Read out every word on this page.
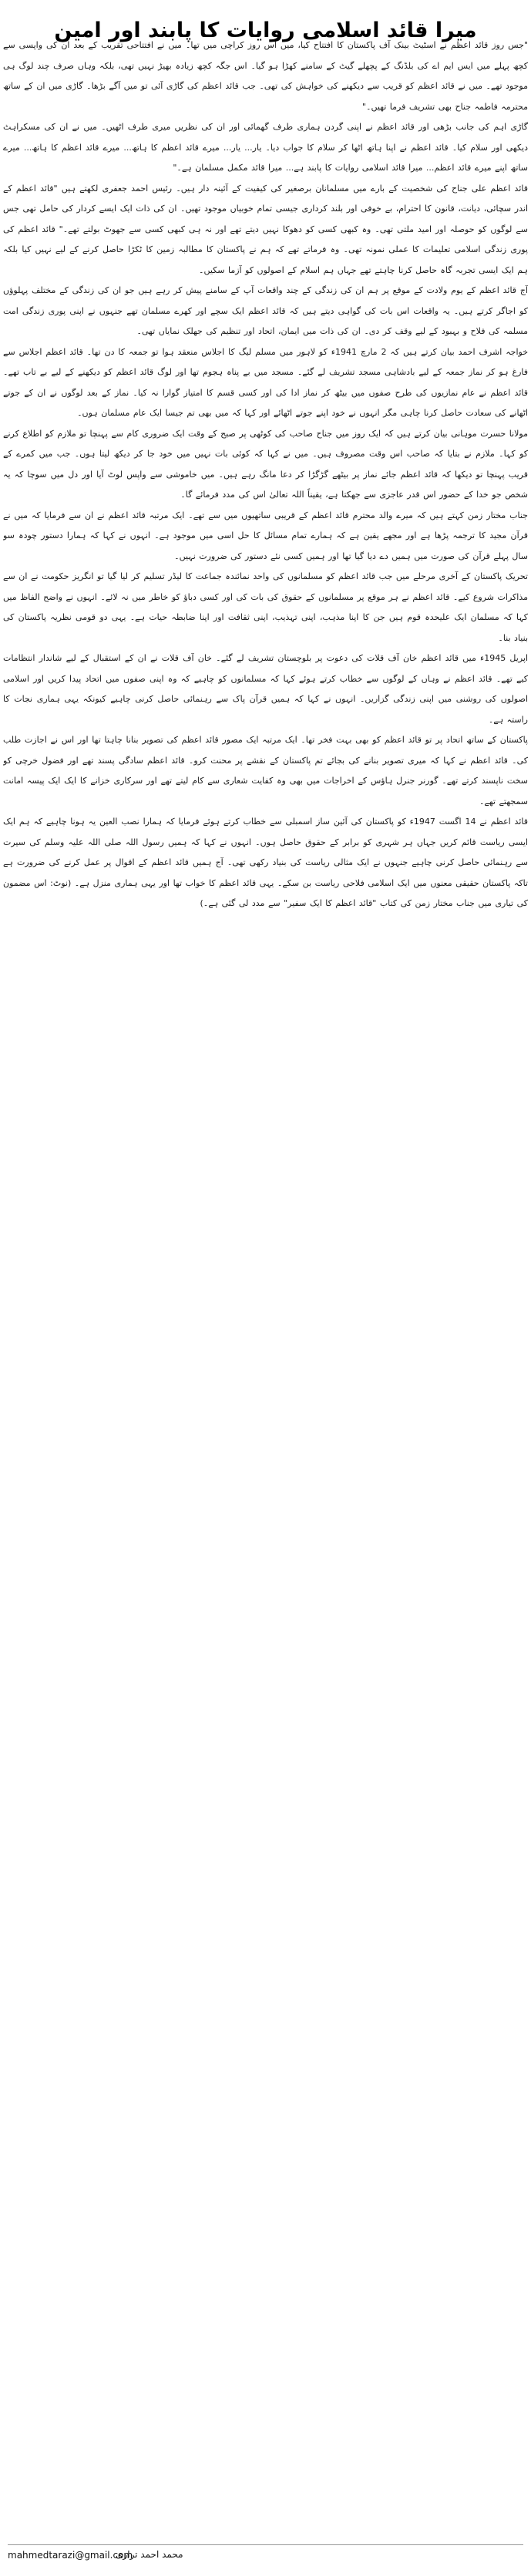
میرا قائد اسلامی روایات کا پابند اور امین

"جس روز قائد اعظم نے اسٹیٹ بینک آف پاکستان کا افتتاح کیا، میں اس روز کراچی میں تھا۔ میں نے افتتاحی تقریب کے بعد ان کی واپسی سے کچھ پہلے میں ایس ایم اے کی بلڈنگ کے پچھلے گیٹ کے سامنے کھڑا ہو گیا۔ اس جگہ کچھ زیادہ بھیڑ نہیں تھی، بلکہ وہاں صرف چند لوگ ہی موجود تھے۔ میں نے قائد اعظم کو قریب سے دیکھنے کی خواہش کی تھی۔ جب قائد اعظم کی گاڑی آئی تو میں آگے بڑھا۔ گاڑی میں ان کے ساتھ محترمہ فاطمہ جناح بھی تشریف فرما تھیں۔"

گاڑی اہم کی جانب بڑھی اور قائد اعظم نے اپنی گردن ہماری طرف گھمائی اور ان کی نظریں میری طرف اٹھیں۔ میں نے ان کی مسکراہٹ دیکھی اور سلام کیا۔ قائد اعظم نے اپنا ہاتھ اٹھا کر سلام کا جواب دیا۔ یار... یار... میرے قائد اعظم کا ہاتھ... میرے قائد اعظم کا ہاتھ... میرے ساتھ اپنے میرے قائد اعظم... میرا قائد اسلامی روایات کا پابند ہے... میرا قائد مکمل مسلمان ہے۔"

قائد اعظم علی جناح کی شخصیت کے بارے میں مسلمانان برصغیر کی کیفیت کے آئینہ دار ہیں۔ رئیس احمد جعفری لکھتے ہیں "قائد اعظم کے اندر سچائی، دیانت، قانون کا احترام، بے خوفی اور بلند کرداری جیسی تمام خوبیاں موجود تھیں۔ ان کی ذات ایک ایسے کردار کی حامل تھی جس سے لوگوں کو حوصلہ اور امید ملتی تھی۔ وہ کبھی کسی کو دھوکا نہیں دیتے تھے اور نہ ہی کبھی کسی سے جھوٹ بولتے تھے۔" قائد اعظم کی پوری زندگی اسلامی تعلیمات کا عملی نمونہ تھی۔ وہ فرماتے تھے کہ ہم نے پاکستان کا مطالبہ زمین کا ٹکڑا حاصل کرنے کے لیے نہیں کیا بلکہ ہم ایک ایسی تجربہ گاہ حاصل کرنا چاہتے تھے جہاں ہم اسلام کے اصولوں کو آزما سکیں۔

آج قائد اعظم کے یوم ولادت کے موقع پر ہم ان کی زندگی کے چند واقعات آپ کے سامنے پیش کر رہے ہیں جو ان کی زندگی کے مختلف پہلوؤں کو اجاگر کرتے ہیں۔ یہ واقعات اس بات کی گواہی دیتے ہیں کہ قائد اعظم ایک سچے اور کھرے مسلمان تھے جنہوں نے اپنی پوری زندگی امت مسلمہ کی فلاح و بہبود کے لیے وقف کر دی۔ ان کی ذات میں ایمان، اتحاد اور تنظیم کی جھلک نمایاں تھی۔

خواجہ اشرف احمد بیان کرتے ہیں کہ 2 مارچ 1941ء کو لاہور میں مسلم لیگ کا اجلاس منعقد ہوا تو جمعہ کا دن تھا۔ قائد اعظم اجلاس سے فارغ ہو کر نماز جمعہ کے لیے بادشاہی مسجد تشریف لے گئے۔ مسجد میں بے پناہ ہجوم تھا اور لوگ قائد اعظم کو دیکھنے کے لیے بے تاب تھے۔ قائد اعظم نے عام نمازیوں کی طرح صفوں میں بیٹھ کر نماز ادا کی اور کسی قسم کا امتیاز گوارا نہ کیا۔ نماز کے بعد لوگوں نے ان کے جوتے اٹھانے کی سعادت حاصل کرنا چاہی مگر انہوں نے خود اپنے جوتے اٹھائے اور کہا کہ میں بھی تم جیسا ایک عام مسلمان ہوں۔

مولانا حسرت موہانی بیان کرتے ہیں کہ ایک روز میں جناح صاحب کی کوٹھی پر صبح کے وقت ایک ضروری کام سے پہنچا تو ملازم کو اطلاع کرنے کو کہا۔ ملازم نے بتایا کہ صاحب اس وقت مصروف ہیں۔ میں نے کہا کہ کوئی بات نہیں میں خود جا کر دیکھ لیتا ہوں۔ جب میں کمرے کے قریب پہنچا تو دیکھا کہ قائد اعظم جائے نماز پر بیٹھے گڑگڑا کر دعا مانگ رہے ہیں۔ میں خاموشی سے واپس لوٹ آیا اور دل میں سوچا کہ یہ شخص جو خدا کے حضور اس قدر عاجزی سے جھکتا ہے، یقیناً اللہ تعالیٰ اس کی مدد فرمائے گا۔

جناب مختار زمن کہتے ہیں کہ میرے والد محترم قائد اعظم کے قریبی ساتھیوں میں سے تھے۔ ایک مرتبہ قائد اعظم نے ان سے فرمایا کہ میں نے قرآن مجید کا ترجمہ پڑھا ہے اور مجھے یقین ہے کہ ہمارے تمام مسائل کا حل اسی میں موجود ہے۔ انہوں نے کہا کہ ہمارا دستور چودہ سو سال پہلے قرآن کی صورت میں ہمیں دے دیا گیا تھا اور ہمیں کسی نئے دستور کی ضرورت نہیں۔

تحریک پاکستان کے آخری مرحلے میں جب قائد اعظم کو مسلمانوں کی واحد نمائندہ جماعت کا لیڈر تسلیم کر لیا گیا تو انگریز حکومت نے ان سے مذاکرات شروع کیے۔ قائد اعظم نے ہر موقع پر مسلمانوں کے حقوق کی بات کی اور کسی دباؤ کو خاطر میں نہ لائے۔ انہوں نے واضح الفاظ میں کہا کہ مسلمان ایک علیحدہ قوم ہیں جن کا اپنا مذہب، اپنی تہذیب، اپنی ثقافت اور اپنا ضابطہ حیات ہے۔ یہی دو قومی نظریہ پاکستان کی بنیاد بنا۔

اپریل 1945ء میں قائد اعظم خان آف قلات کی دعوت پر بلوچستان تشریف لے گئے۔ خان آف قلات نے ان کے استقبال کے لیے شاندار انتظامات کیے تھے۔ قائد اعظم نے وہاں کے لوگوں سے خطاب کرتے ہوئے کہا کہ مسلمانوں کو چاہیے کہ وہ اپنی صفوں میں اتحاد پیدا کریں اور اسلامی اصولوں کی روشنی میں اپنی زندگی گزاریں۔ انہوں نے کہا کہ ہمیں قرآن پاک سے رہنمائی حاصل کرنی چاہیے کیونکہ یہی ہماری نجات کا راستہ ہے۔

پاکستان کے ساتھ اتحاد پر تو قائد اعظم کو بھی بہت فخر تھا۔ ایک مرتبہ ایک مصور قائد اعظم کی تصویر بنانا چاہتا تھا اور اس نے اجازت طلب کی۔ قائد اعظم نے کہا کہ میری تصویر بنانے کی بجائے تم پاکستان کے نقشے پر محنت کرو۔ قائد اعظم سادگی پسند تھے اور فضول خرچی کو سخت ناپسند کرتے تھے۔ گورنر جنرل ہاؤس کے اخراجات میں بھی وہ کفایت شعاری سے کام لیتے تھے اور سرکاری خزانے کا ایک ایک پیسہ امانت سمجھتے تھے۔

قائد اعظم نے 14 اگست 1947ء کو پاکستان کی آئین ساز اسمبلی سے خطاب کرتے ہوئے فرمایا کہ ہمارا نصب العین یہ ہونا چاہیے کہ ہم ایک ایسی ریاست قائم کریں جہاں ہر شہری کو برابر کے حقوق حاصل ہوں۔ انہوں نے کہا کہ ہمیں رسول اللہ صلی اللہ علیہ وسلم کی سیرت سے رہنمائی حاصل کرنی چاہیے جنہوں نے ایک مثالی ریاست کی بنیاد رکھی تھی۔ آج ہمیں قائد اعظم کے اقوال پر عمل کرنے کی ضرورت ہے تاکہ پاکستان حقیقی معنوں میں ایک اسلامی فلاحی ریاست بن سکے۔ یہی قائد اعظم کا خواب تھا اور یہی ہماری منزل ہے۔ (نوٹ: اس مضمون کی تیاری میں جناب مختار زمن کی کتاب "قائد اعظم کا ایک سفیر" سے مدد لی گئی ہے۔)

mahmedtarazi@gmail.com
محمد احمد ترازی
